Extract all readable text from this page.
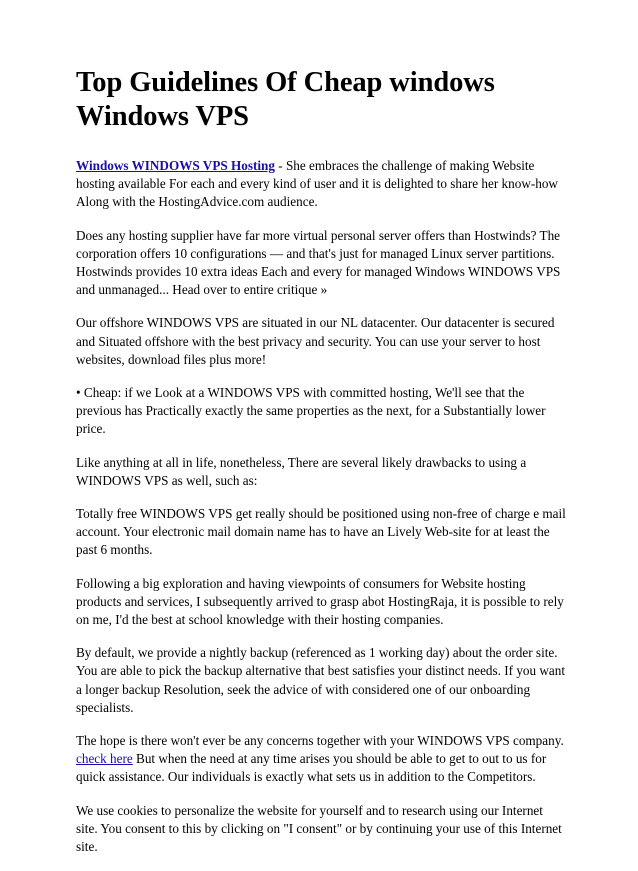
Top Guidelines Of Cheap windows Windows VPS

Windows WINDOWS VPS Hosting - She embraces the challenge of making Website hosting available For each and every kind of user and it is delighted to share her know-how Along with the HostingAdvice.com audience.

Does any hosting supplier have far more virtual personal server offers than Hostwinds? The corporation offers 10 configurations — and that's just for managed Linux server partitions. Hostwinds provides 10 extra ideas Each and every for managed Windows WINDOWS VPS and unmanaged... Head over to entire critique »

Our offshore WINDOWS VPS are situated in our NL datacenter. Our datacenter is secured and Situated offshore with the best privacy and security. You can use your server to host websites, download files plus more!

• Cheap: if we Look at a WINDOWS VPS with committed hosting, We'll see that the previous has Practically exactly the same properties as the next, for a Substantially lower price.

Like anything at all in life, nonetheless, There are several likely drawbacks to using a WINDOWS VPS as well, such as:

Totally free WINDOWS VPS get really should be positioned using non-free of charge e mail account. Your electronic mail domain name has to have an Lively Web-site for at least the past 6 months.

Following a big exploration and having viewpoints of consumers for Website hosting products and services, I subsequently arrived to grasp abot HostingRaja, it is possible to rely on me, I'd the best at school knowledge with their hosting companies.

By default, we provide a nightly backup (referenced as 1 working day) about the order site. You are able to pick the backup alternative that best satisfies your distinct needs. If you want a longer backup Resolution, seek the advice of with considered one of our onboarding specialists.

The hope is there won't ever be any concerns together with your WINDOWS VPS company. check here But when the need at any time arises you should be able to get to out to us for quick assistance. Our individuals is exactly what sets us in addition to the Competitors.

We use cookies to personalize the website for yourself and to research using our Internet site. You consent to this by clicking on "I consent" or by continuing your use of this Internet site.
